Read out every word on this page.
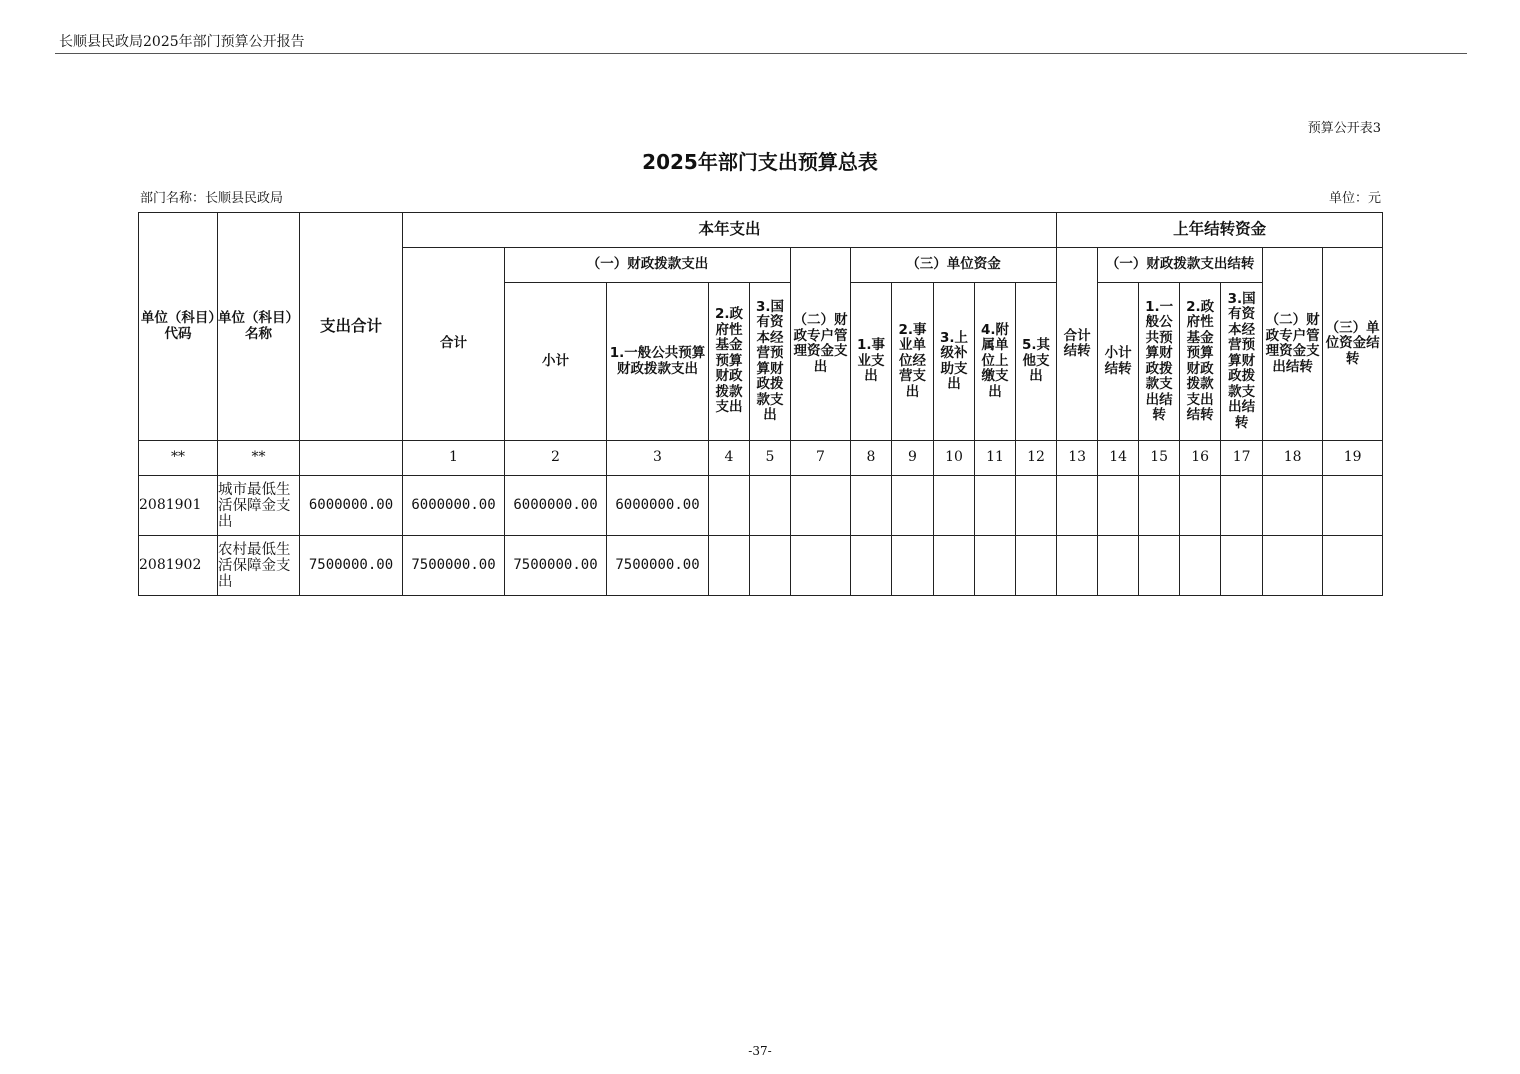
长顺县民政局2025年部门预算公开报告
预算公开表3
2025年部门支出预算总表
部门名称：长顺县民政局	单位：元
单位（科目）代码	单位（科目）名称	支出合计	本年支出											上年结转资金						
			合计	（一）财政拨款支出				（二）财政专户管理资金支出	（三）单位资金					合计结转	（一）财政拨款支出结转				（二）财政专户管理资金支出结转	（三）单位资金结转
				小计	1.一般公共预算财政拨款支出	2.政府性基金预算财政拨款支出	3.国有资本经营预算财政拨款支出		1.事业支出	2.事业单位经营支出	3.上级补助支出	4.附属单位上缴支出	5.其他支出		小计结转	1.一般公共预算财政拨款支出结转	2.政府性基金预算财政拨款支出结转	3.国有资本经营预算财政拨款支出结转		
**	**		1	2	3	4	5	7	8	9	10	11	12	13	14	15	16	17	18	19
2081901	城市最低生活保障金支出	6000000.00	6000000.00	6000000.00	6000000.00															
2081902	农村最低生活保障金支出	7500000.00	7500000.00	7500000.00	7500000.00															
-37-
